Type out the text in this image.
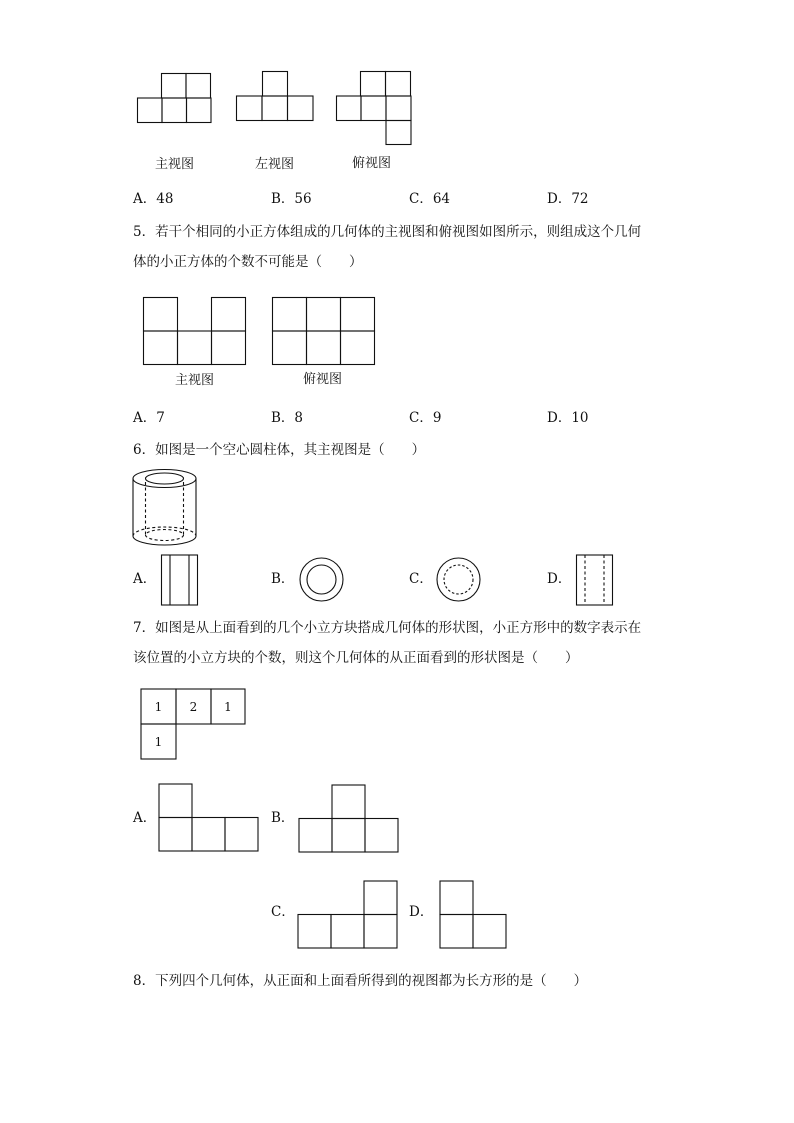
主视图	左视图	俯视图
A．48	B．56	C．64	D．72
5．若干个相同的小正方体组成的几何体的主视图和俯视图如图所示，则组成这个几何
体的小正方体的个数不可能是（　　）
主视图	俯视图
A．7	B．8	C．9	D．10
6．如图是一个空心圆柱体，其主视图是（　　）
A．	B．	C．	D．
7．如图是从上面看到的几个小立方块搭成几何体的形状图，小正方形中的数字表示在
该位置的小立方块的个数，则这个几何体的从正面看到的形状图是（　　）
1 2 1
1
A．	B．
C．	D．
8．下列四个几何体，从正面和上面看所得到的视图都为长方形的是（　　）
